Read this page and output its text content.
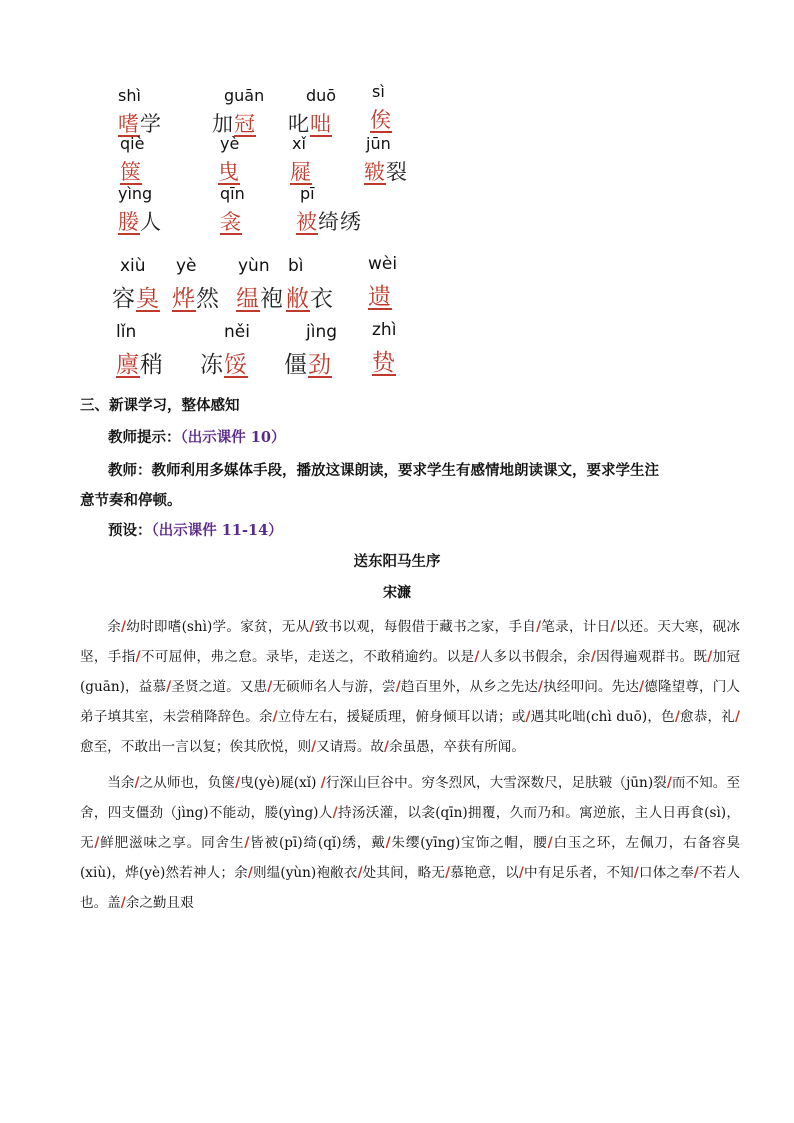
shì
嗜学
guān
加冠
duō
叱咄
sì
俟
qiè
箧
yè
曳
xǐ
屣
jūn
皲裂
yìng
媵人
qīn
衾
pī
被绮绣
xiù
容臭
yè
烨然
yùn
缊袍
bì
敝衣
wèi
遗
lǐn
廪稍
něi
冻馁
jìng
僵劲
zhì
贽
三、新课学习，整体感知
教师提示：（出示课件 10）
教师：教师利用多媒体手段，播放这课朗读，要求学生有感情地朗读课文，要求学生注
意节奏和停顿。
预设：（出示课件 11-14）
送东阳马生序
宋濂

余/幼时即嗜(shì)学。家贫，无从/致书以观，每假借于藏书之家，手自/笔录，计日/以还。天大寒，砚冰坚，手指/不可屈伸，弗之怠。录毕，走送之，不敢稍逾约。以是/人多以书假余，余/因得遍观群书。既/加冠(guān)，益慕/圣贤之道。又患/无硕师名人与游，尝/趋百里外，从乡之先达/执经叩问。先达/德隆望尊，门人弟子填其室，未尝稍降辞色。余/立侍左右，援疑质理，俯身倾耳以请；或/遇其叱咄(chì duō)，色/愈恭，礼/愈至，不敢出一言以复；俟其欣悦，则/又请焉。故/余虽愚，卒获有所闻。

当余/之从师也，负箧/曳(yè)屣(xǐ) /行深山巨谷中。穷冬烈风，大雪深数尺，足肤皲（jūn)裂/而不知。至舍，四支僵劲（jìng)不能动，媵(yìng)人/持汤沃灌，以衾(qīn)拥覆，久而乃和。寓逆旅，主人日再食(sì)，无/鲜肥滋味之享。同舍生/皆被(pī)绮(qǐ)绣，戴/朱缨(yīng)宝饰之帽，腰/白玉之环，左佩刀，右备容臭(xiù)，烨(yè)然若神人；余/则缊(yùn)袍敝衣/处其间，略无/慕艳意，以/中有足乐者，不知/口体之奉/不若人也。盖/余之勤且艰
